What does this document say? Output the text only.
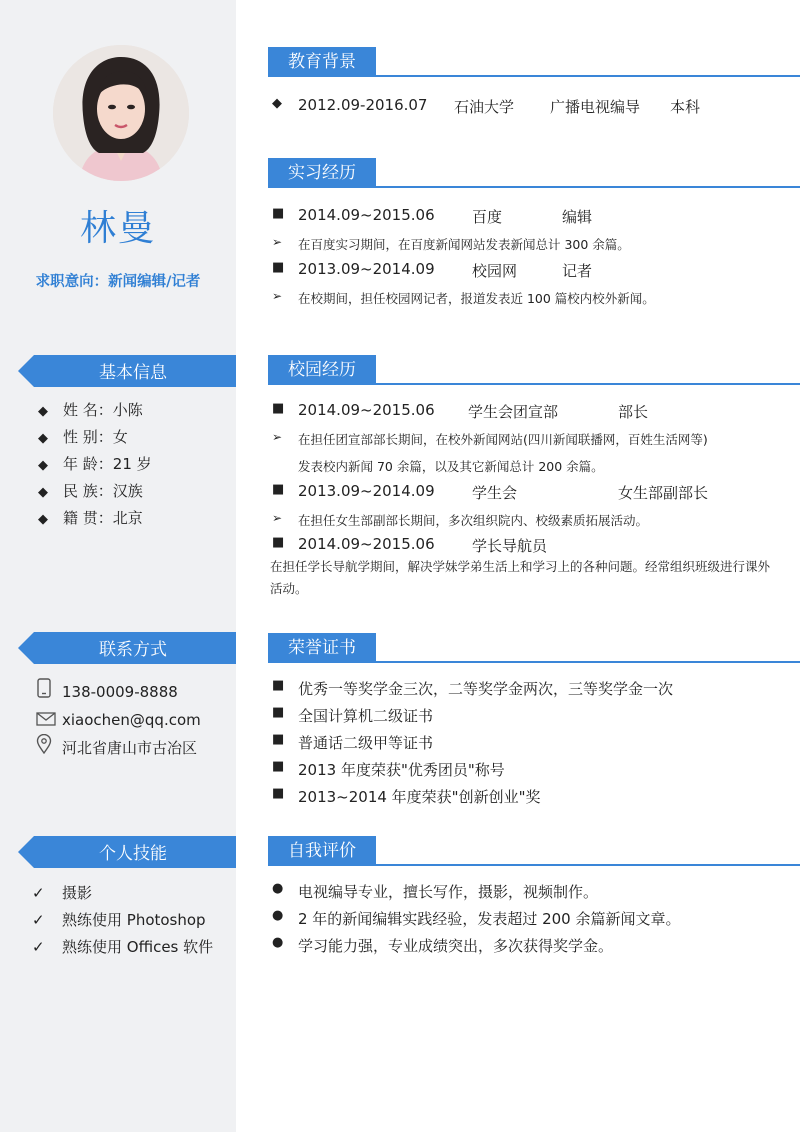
林曼
求职意向：新闻编辑/记者
基本信息
◆ 姓 名：小陈
◆ 性 别：女
◆ 年 龄：21 岁
◆ 民 族：汉族
◆ 籍 贯：北京
联系方式
138-0009-8888
xiaochen@qq.com
河北省唐山市古冶区
个人技能
✓ 摄影
✓ 熟练使用 Photoshop
✓ 熟练使用 Offices 软件
教育背景
◆ 2012.09-2016.07 石油大学 广播电视编导 本科
实习经历
■ 2014.09~2015.06 百度	编辑
➢ 在百度实习期间，在百度新闻网站发表新闻总计 300 余篇。
■ 2013.09~2014.09 校园网	记者
➢ 在校期间，担任校园网记者，报道发表近 100 篇校内校外新闻。
校园经历
■ 2014.09~2015.06 学生会团宣部	部长
➢ 在担任团宣部部长期间，在校外新闻网站(四川新闻联播网，百姓生活网等)
发表校内新闻 70 余篇，以及其它新闻总计 200 余篇。
■ 2013.09~2014.09 学生会	女生部副部长
➢ 在担任女生部副部长期间，多次组织院内、校级素质拓展活动。
■ 2014.09~2015.06 学长导航员
在担任学长导航学期间，解决学妹学弟生活上和学习上的各种问题。经常组织班级进行课外活动。
荣誉证书
■ 优秀一等奖学金三次，二等奖学金两次，三等奖学金一次
■ 全国计算机二级证书
■ 普通话二级甲等证书
■ 2013 年度荣获"优秀团员"称号
■ 2013~2014 年度荣获"创新创业"奖
自我评价
● 电视编导专业，擅长写作，摄影，视频制作。
● 2 年的新闻编辑实践经验，发表超过 200 余篇新闻文章。
● 学习能力强，专业成绩突出，多次获得奖学金。
